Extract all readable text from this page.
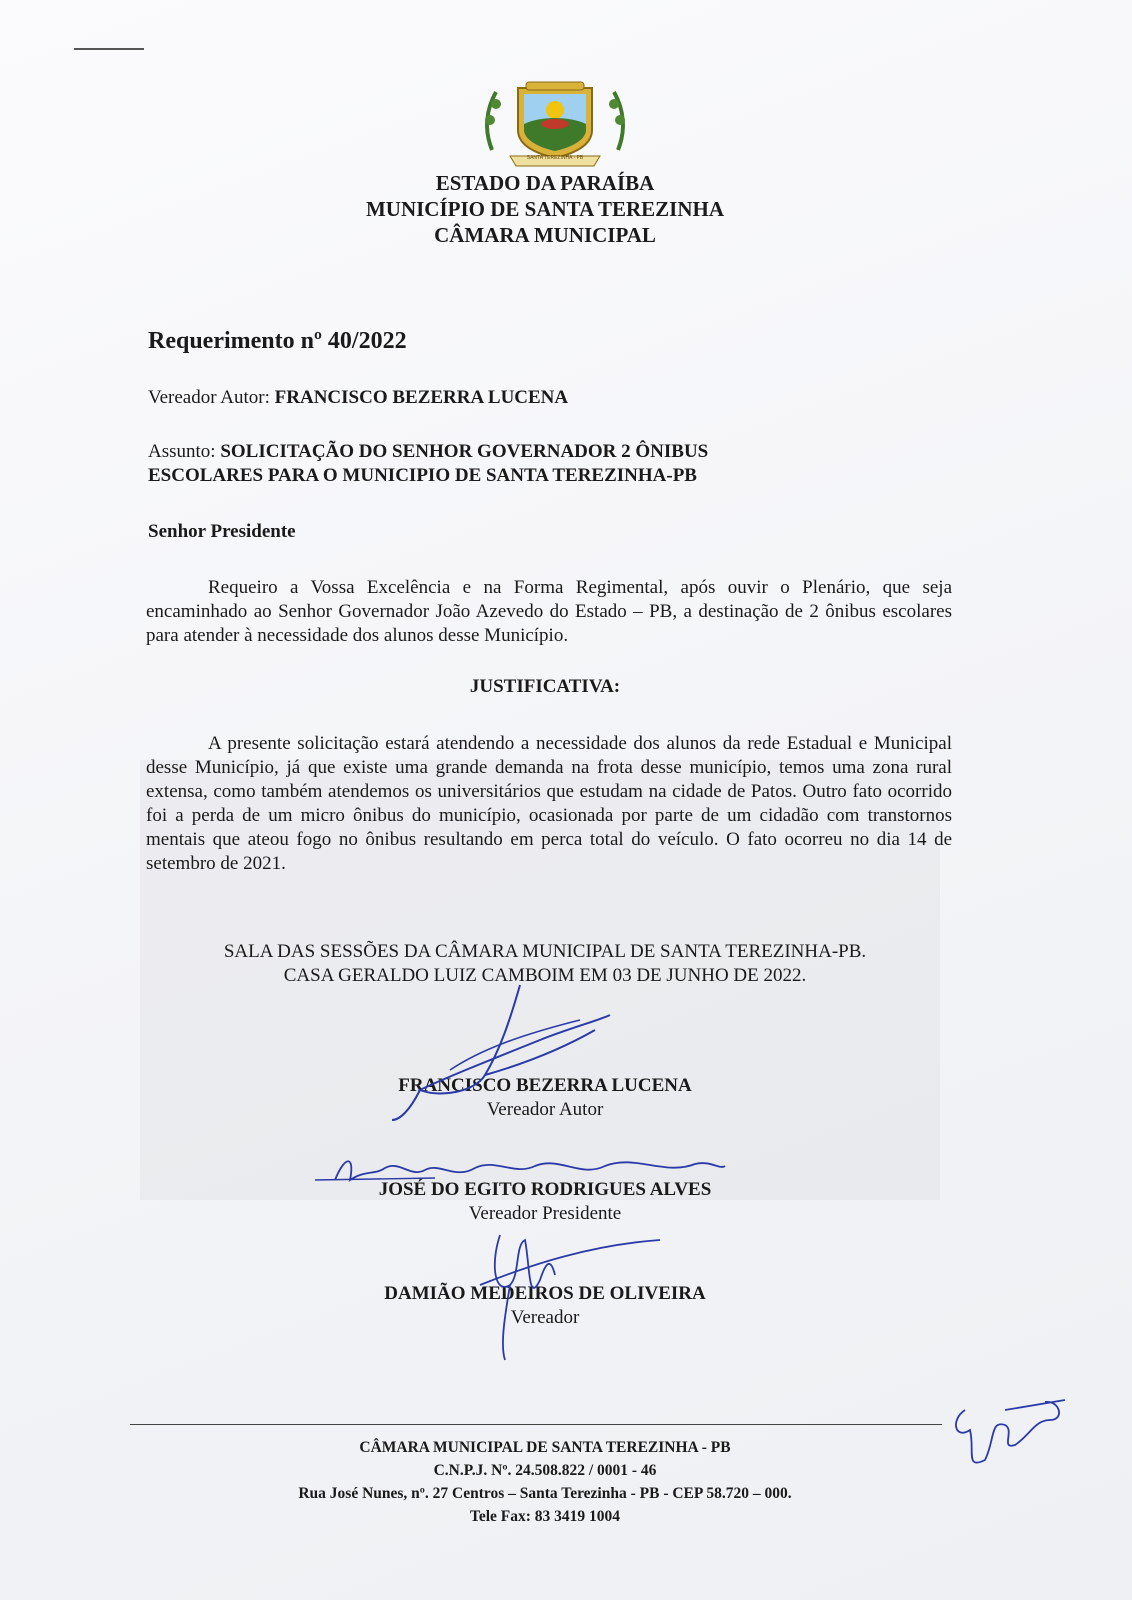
SANTA TEREZINHA - PB
ESTADO DA PARAÍBA
MUNICÍPIO DE SANTA TEREZINHA
CÂMARA MUNICIPAL
Requerimento nº 40/2022
Vereador Autor: FRANCISCO BEZERRA LUCENA
Assunto: SOLICITAÇÃO DO SENHOR GOVERNADOR 2 ÔNIBUS
ESCOLARES PARA O MUNICIPIO DE SANTA TEREZINHA-PB
Senhor Presidente
Requeiro a Vossa Excelência e na Forma Regimental, após ouvir o Plenário, que seja encaminhado ao Senhor Governador João Azevedo do Estado – PB, a destinação de 2 ônibus escolares para atender à necessidade dos alunos desse Município.
JUSTIFICATIVA:
A presente solicitação estará atendendo a necessidade dos alunos da rede Estadual e Municipal desse Município, já que existe uma grande demanda na frota desse município, temos uma zona rural extensa, como também atendemos os universitários que estudam na cidade de Patos. Outro fato ocorrido foi a perda de um micro ônibus do município, ocasionada por parte de um cidadão com transtornos mentais que ateou fogo no ônibus resultando em perca total do veículo. O fato ocorreu no dia 14 de setembro de 2021.
SALA DAS SESSÕES DA CÂMARA MUNICIPAL DE SANTA TEREZINHA-PB.
CASA GERALDO LUIZ CAMBOIM EM 03 DE JUNHO DE 2022.
FRANCISCO BEZERRA LUCENA
Vereador Autor
JOSÉ DO EGITO RODRIGUES ALVES
Vereador Presidente
DAMIÃO MEDEIROS DE OLIVEIRA
Vereador
CÂMARA MUNICIPAL DE SANTA TEREZINHA - PB
C.N.P.J. Nº. 24.508.822 / 0001 - 46
Rua José Nunes, nº. 27 Centros – Santa Terezinha - PB - CEP 58.720 – 000.
Tele Fax: 83 3419 1004
